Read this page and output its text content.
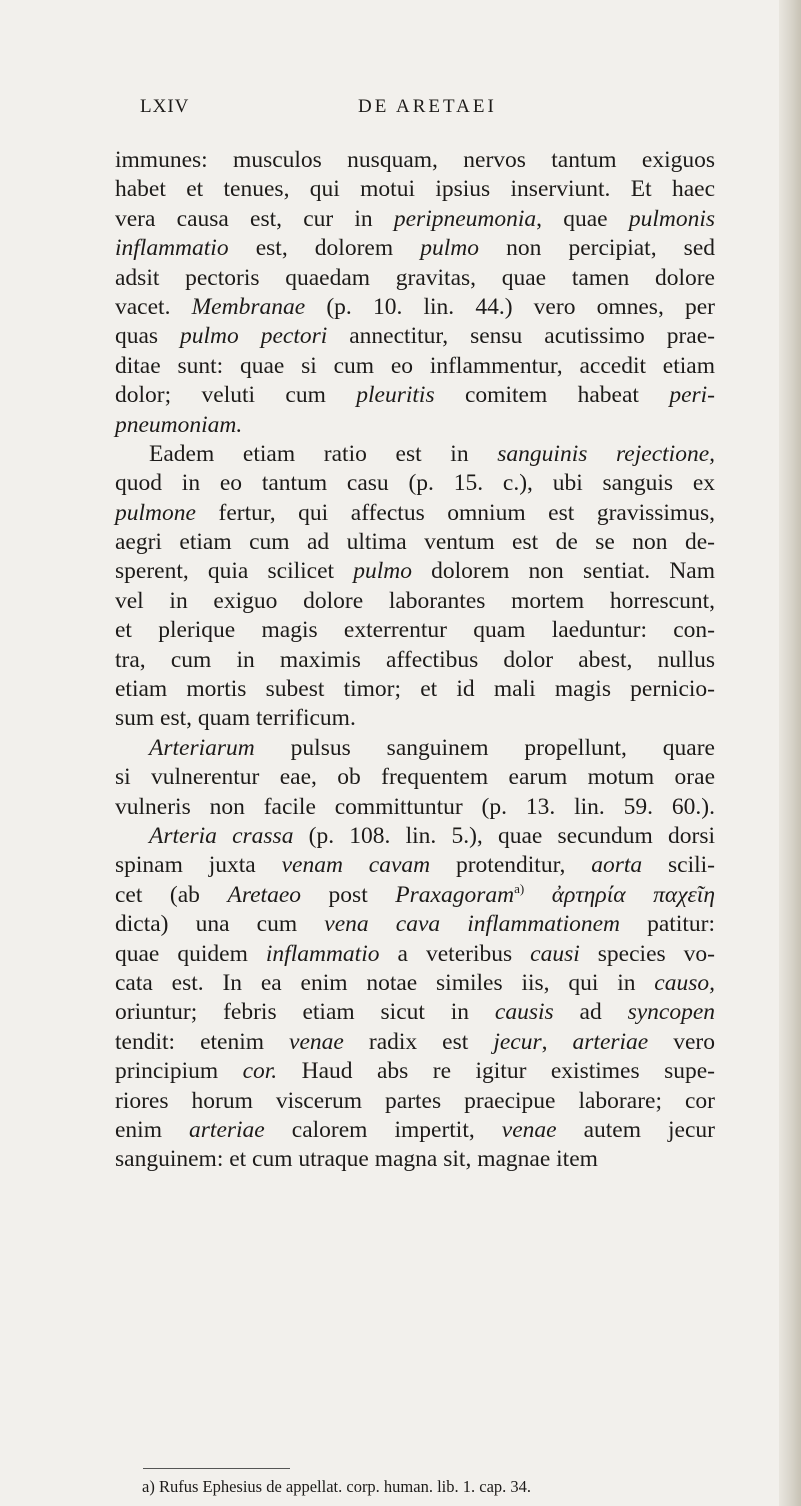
LXIV	DE ARETAEI
immunes: musculos nusquam, nervos tantum exiguos
habet et tenues, qui motui ipsius inserviunt. Et haec
vera causa est, cur in peripneumonia, quae pulmonis
inflammatio est, dolorem pulmo non percipiat, sed
adsit pectoris quaedam gravitas, quae tamen dolore
vacet. Membranae (p. 10. lin. 44.) vero omnes, per
quas pulmo pectori annectitur, sensu acutissimo prae-
ditae sunt: quae si cum eo inflammentur, accedit etiam
dolor; veluti cum pleuritis comitem habeat peri-
pneumoniam.
Eadem etiam ratio est in sanguinis rejectione,
quod in eo tantum casu (p. 15. c.), ubi sanguis ex
pulmone fertur, qui affectus omnium est gravissimus,
aegri etiam cum ad ultima ventum est de se non de-
sperent, quia scilicet pulmo dolorem non sentiat. Nam
vel in exiguo dolore laborantes mortem horrescunt,
et plerique magis exterrentur quam laeduntur: con-
tra, cum in maximis affectibus dolor abest, nullus
etiam mortis subest timor; et id mali magis pernicio-
sum est, quam terrificum.
Arteriarum pulsus sanguinem propellunt, quare
si vulnerentur eae, ob frequentem earum motum orae
vulneris non facile committuntur (p. 13. lin. 59. 60.).
Arteria crassa (p. 108. lin. 5.), quae secundum dorsi
spinam juxta venam cavam protenditur, aorta scili-
cet (ab Aretaeo post Praxagoram$^{a)}$ ἀρτηρία παχεῖη
dicta) una cum vena cava inflammationem patitur:
quae quidem inflammatio a veteribus causi species vo-
cata est. In ea enim notae similes iis, qui in causo,
oriuntur; febris etiam sicut in causis ad syncopen
tendit: etenim venae radix est jecur, arteriae vero
principium cor. Haud abs re igitur existimes supe-
riores horum viscerum partes praecipue laborare; cor
enim arteriae calorem impertit, venae autem jecur
sanguinem: et cum utraque magna sit, magnae item
a) Rufus Ephesius de appellat. corp. human. lib. 1. cap. 34.
